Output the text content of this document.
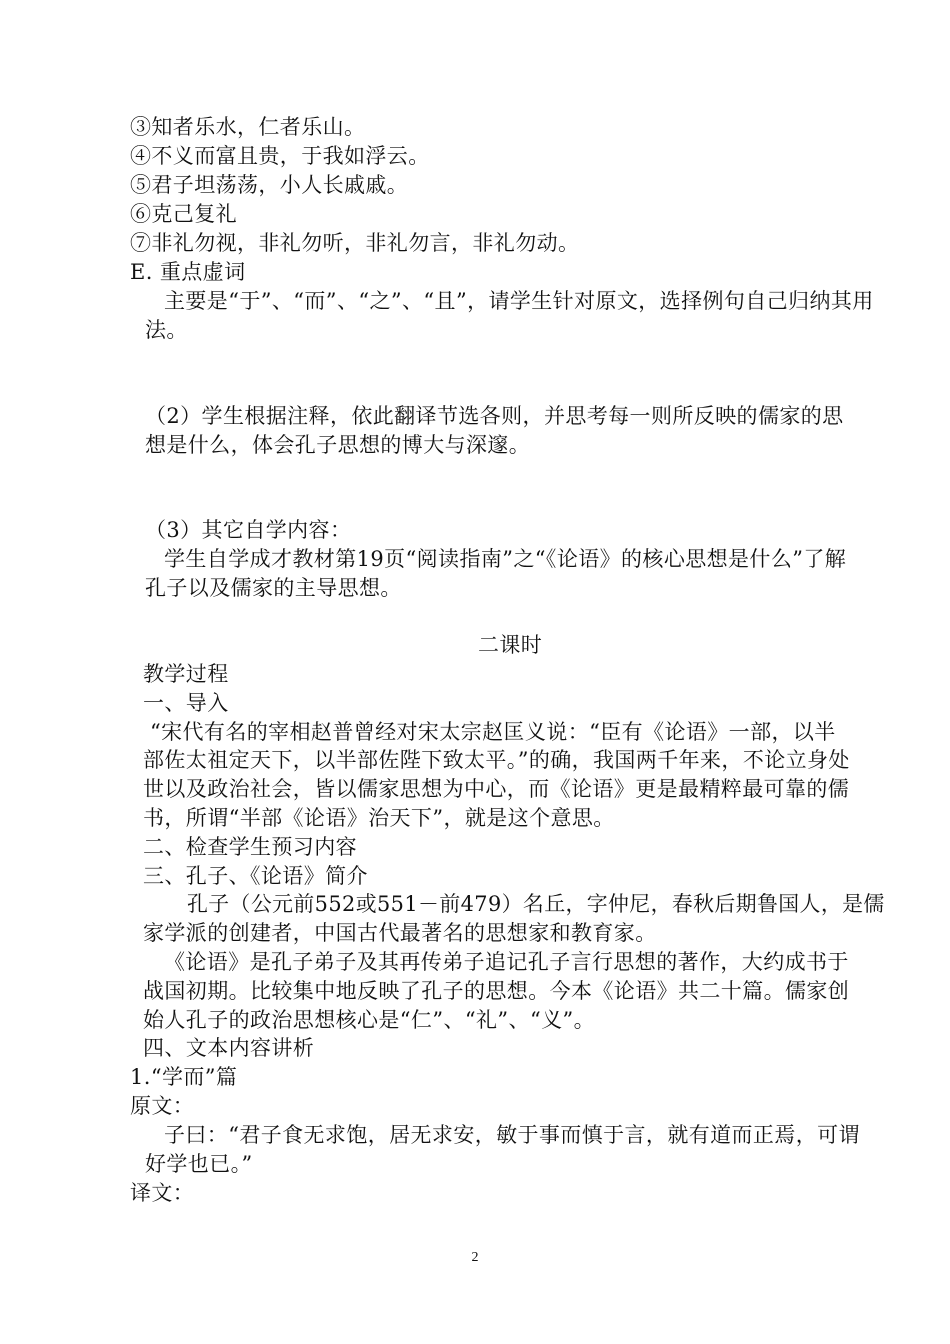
③知者乐水，仁者乐山。
④不义而富且贵，于我如浮云。
⑤君子坦荡荡，小人长戚戚。
⑥克己复礼
⑦非礼勿视，非礼勿听，非礼勿言，非礼勿动。
E. 重点虚词
主要是“于”、“而”、“之”、“且”，请学生针对原文，选择例句自己归纳其用
法。
（2）学生根据注释，依此翻译节选各则，并思考每一则所反映的儒家的思
想是什么，体会孔子思想的博大与深邃。
（3）其它自学内容：
学生自学成才教材第19页“阅读指南”之“《论语》的核心思想是什么”了解
孔子以及儒家的主导思想。
二课时
教学过程
一、导入
“宋代有名的宰相赵普曾经对宋太宗赵匡义说：“臣有《论语》一部，以半
部佐太祖定天下，以半部佐陛下致太平。”的确，我国两千年来，不论立身处
世以及政治社会，皆以儒家思想为中心，而《论语》更是最精粹最可靠的儒
书，所谓“半部《论语》治天下”，就是这个意思。
二、检查学生预习内容
三、孔子、《论语》简介
孔子（公元前552或551－前479）名丘，字仲尼，春秋后期鲁国人，是儒
家学派的创建者，中国古代最著名的思想家和教育家。
《论语》是孔子弟子及其再传弟子追记孔子言行思想的著作，大约成书于
战国初期。比较集中地反映了孔子的思想。今本《论语》共二十篇。儒家创
始人孔子的政治思想核心是“仁”、“礼”、“义”。
四、文本内容讲析
1.“学而”篇
原文：
子曰：“君子食无求饱，居无求安，敏于事而慎于言，就有道而正焉，可谓
好学也已。”
译文：
2
